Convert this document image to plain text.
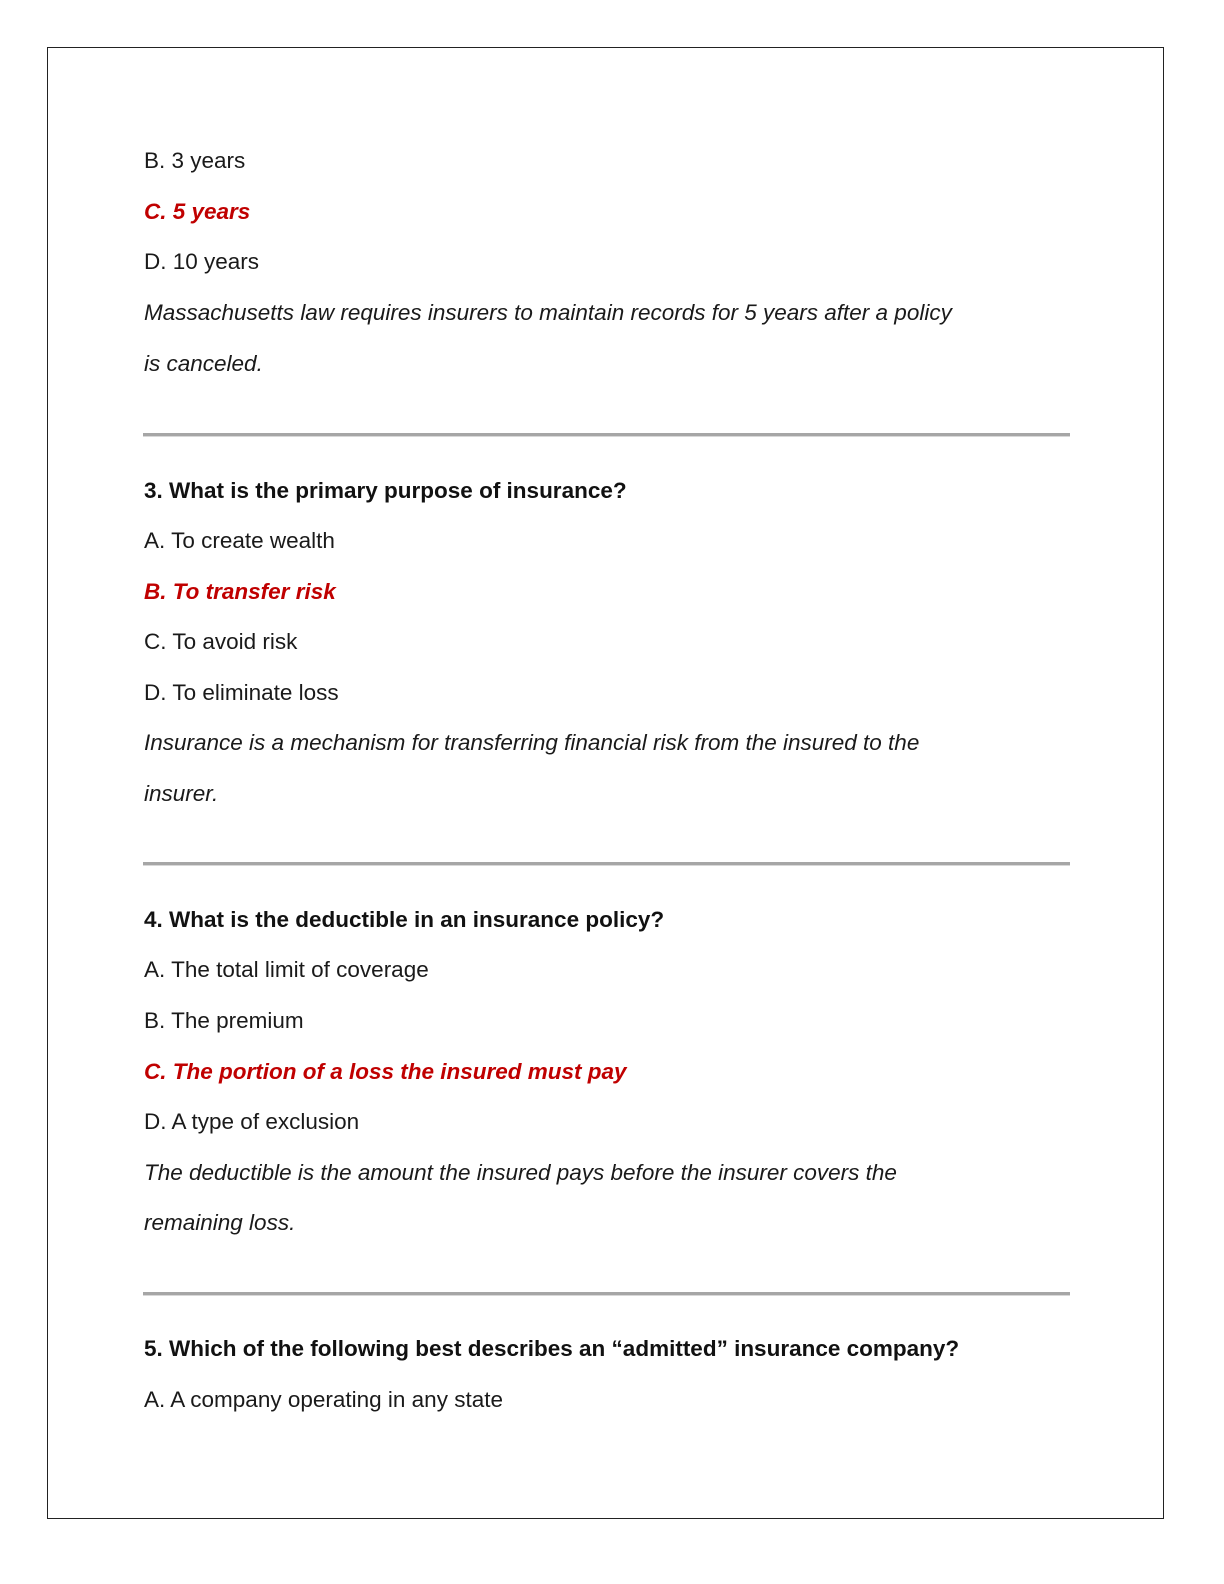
B. 3 years
C. 5 years
D. 10 years
Massachusetts law requires insurers to maintain records for 5 years after a policy
is canceled.
3. What is the primary purpose of insurance?
A. To create wealth
B. To transfer risk
C. To avoid risk
D. To eliminate loss
Insurance is a mechanism for transferring financial risk from the insured to the
insurer.
4. What is the deductible in an insurance policy?
A. The total limit of coverage
B. The premium
C. The portion of a loss the insured must pay
D. A type of exclusion
The deductible is the amount the insured pays before the insurer covers the
remaining loss.
5. Which of the following best describes an “admitted” insurance company?
A. A company operating in any state
